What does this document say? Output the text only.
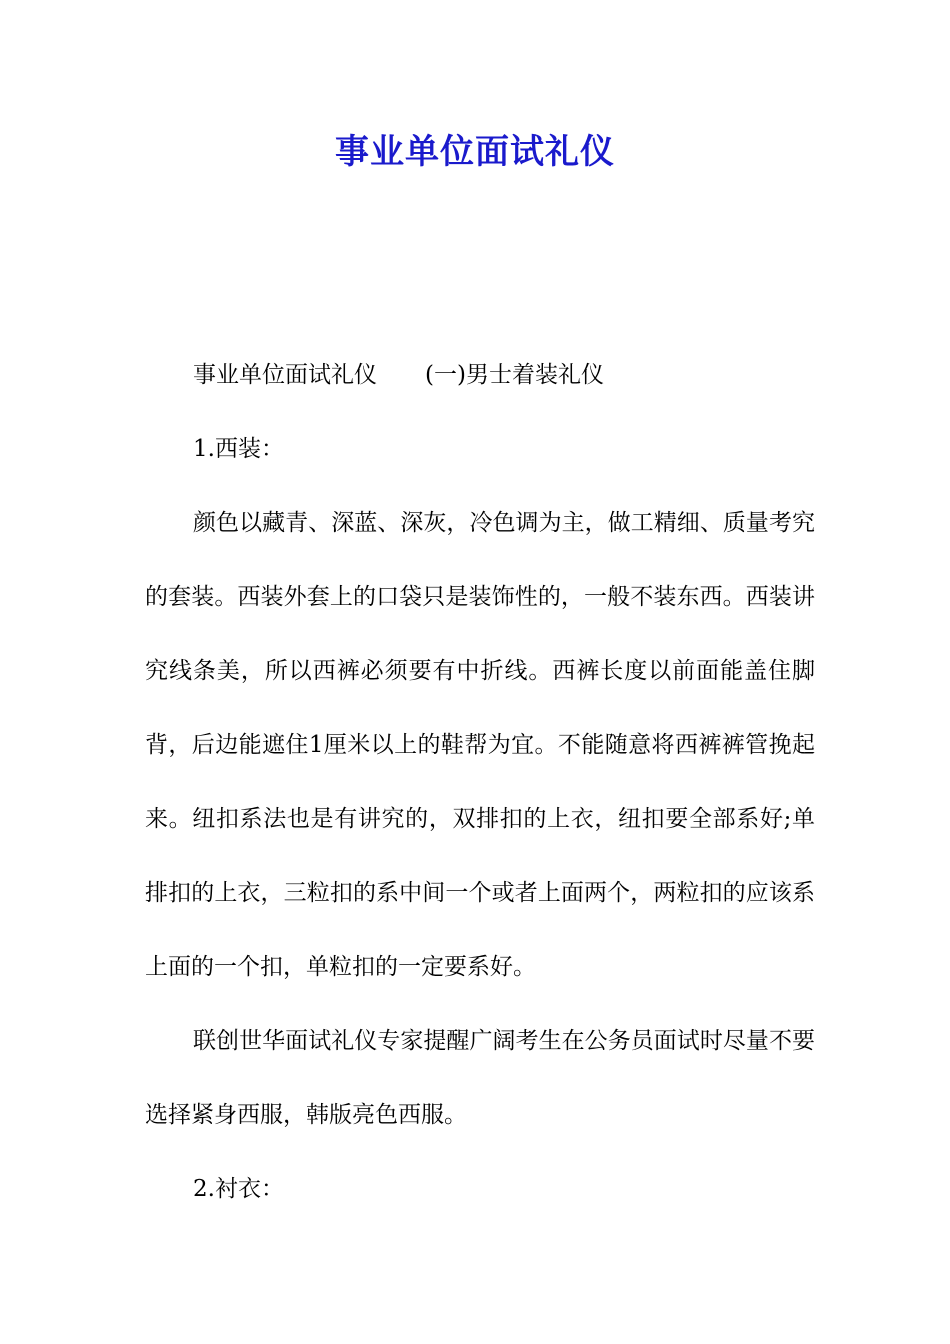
事业单位面试礼仪

事业单位面试礼仪 (一)男士着装礼仪

1.西装：

颜色以藏青、深蓝、深灰，冷色调为主，做工精细、质量考究的套装。西装外套上的口袋只是装饰性的，一般不装东西。西装讲究线条美，所以西裤必须要有中折线。西裤长度以前面能盖住脚背，后边能遮住1厘米以上的鞋帮为宜。不能随意将西裤裤管挽起来。纽扣系法也是有讲究的，双排扣的上衣，纽扣要全部系好;单排扣的上衣，三粒扣的系中间一个或者上面两个，两粒扣的应该系上面的一个扣，单粒扣的一定要系好。

联创世华面试礼仪专家提醒广阔考生在公务员面试时尽量不要选择紧身西服，韩版亮色西服。

2.衬衣：
